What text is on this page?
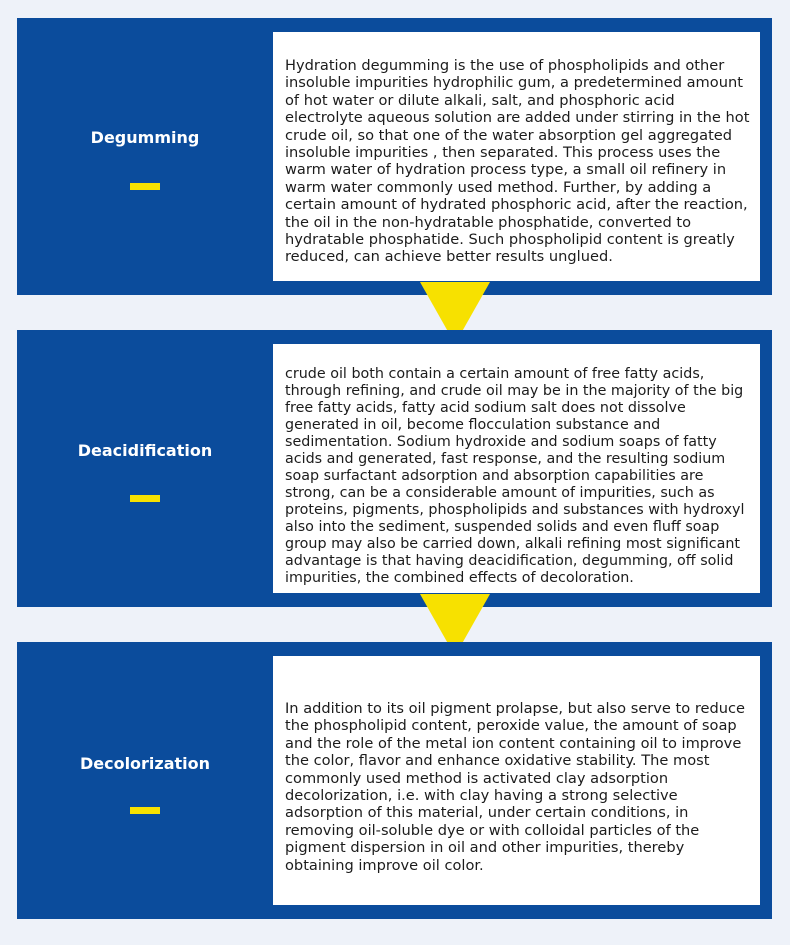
Degumming
Hydration degumming is the use of phospholipids and other insoluble impurities hydrophilic gum, a predetermined amount of hot water or dilute alkali, salt, and phosphoric acid electrolyte aqueous solution are added under stirring in the hot crude oil, so that one of the water absorption gel aggregated insoluble impurities , then separated. This process uses the warm water of hydration process type, a small oil refinery in warm water commonly used method. Further, by adding a certain amount of hydrated phosphoric acid, after the reaction, the oil in the non-hydratable phosphatide, converted to hydratable phosphatide. Such phospholipid content is greatly reduced, can achieve better results unglued.
Deacidification
crude oil both contain a certain amount of free fatty acids, through refining, and crude oil may be in the majority of the big free fatty acids, fatty acid sodium salt does not dissolve generated in oil, become flocculation substance and sedimentation. Sodium hydroxide and sodium soaps of fatty acids and generated, fast response, and the resulting sodium soap surfactant adsorption and absorption capabilities are strong, can be a considerable amount of impurities, such as proteins, pigments, phospholipids and substances with hydroxyl also into the sediment, suspended solids and even fluff soap group may also be carried down, alkali refining most significant advantage is that having deacidification, degumming, off solid impurities, the combined effects of decoloration.
Decolorization
In addition to its oil pigment prolapse, but also serve to reduce the phospholipid content, peroxide value, the amount of soap and the role of the metal ion content containing oil to improve the color, flavor and enhance oxidative stability. The most commonly used method is activated clay adsorption decolorization, i.e. with clay having a strong selective adsorption of this material, under certain conditions, in removing oil-soluble dye or with colloidal particles of the pigment dispersion in oil and other impurities, thereby obtaining improve oil color.
